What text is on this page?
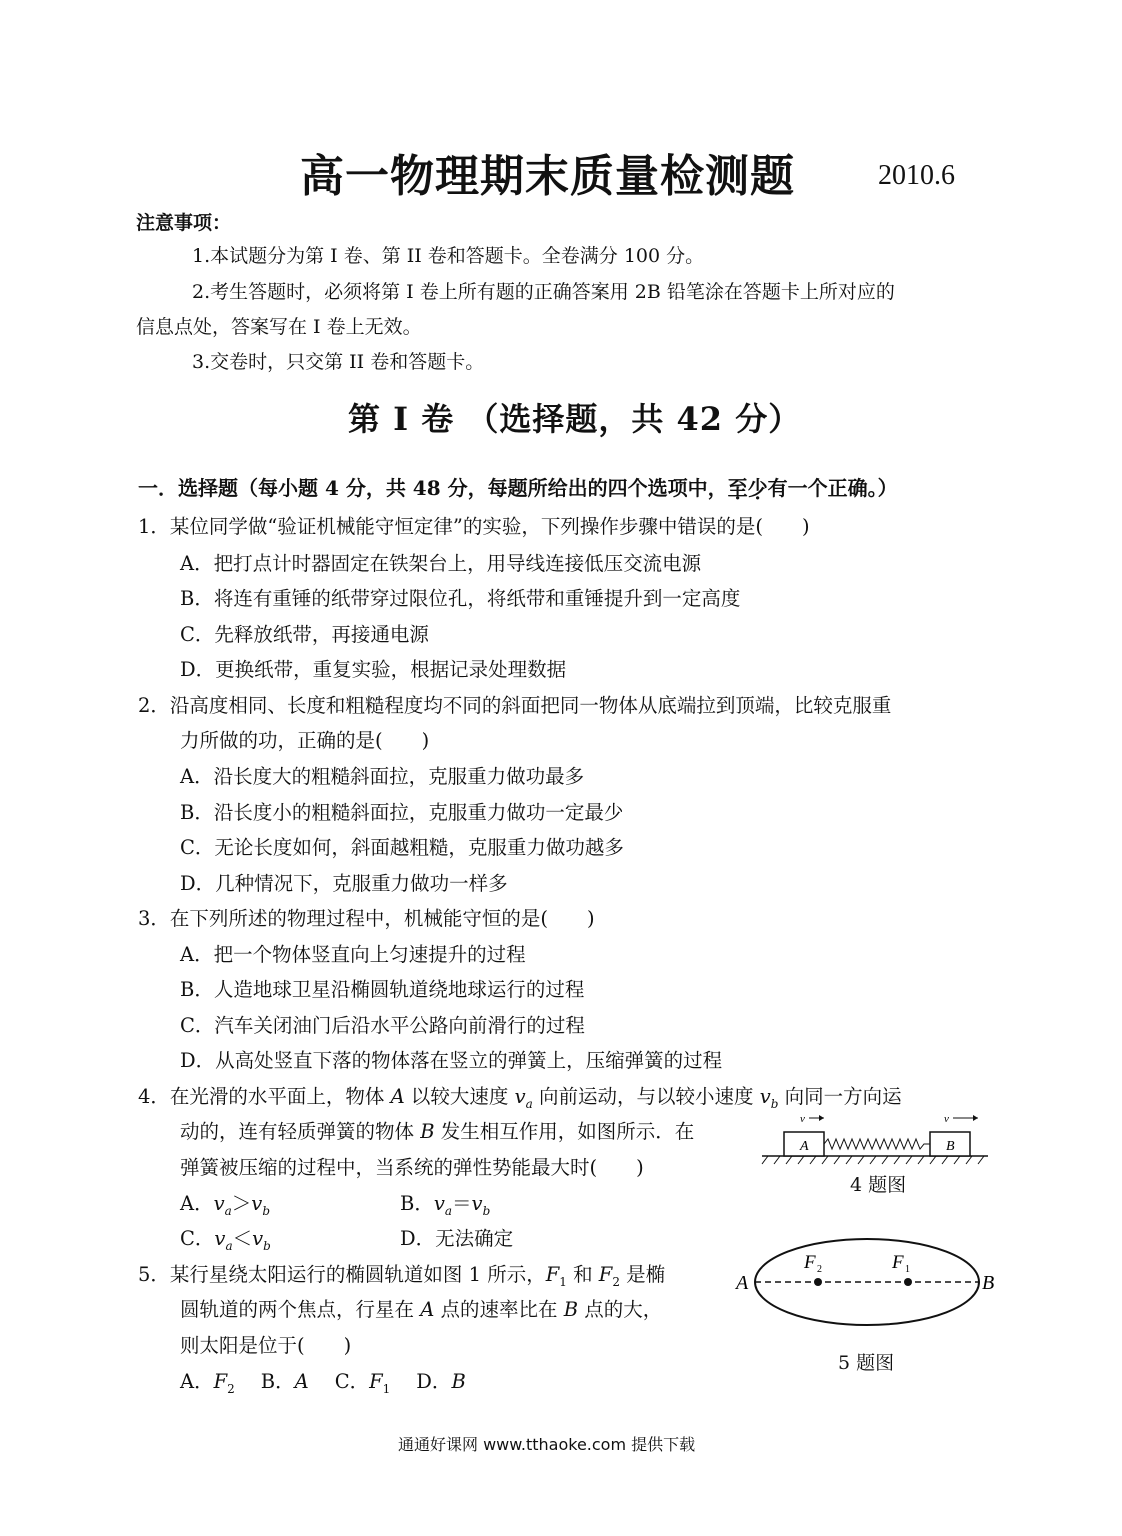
高一物理期末质量检测题	2010.6
注意事项：
1.本试题分为第 I 卷、第 II 卷和答题卡。全卷满分 100 分。
2.考生答题时，必须将第 I 卷上所有题的正确答案用 2B 铅笔涂在答题卡上所对应的
信息点处，答案写在 I 卷上无效。
3.交卷时，只交第 II 卷和答题卡。
第 I 卷 （选择题，共 42 分）
一．选择题（每小题 4 分，共 48 分，每题所给出的四个选项中，至少有一个正确。）
1．某位同学做“验证机械能守恒定律”的实验，下列操作步骤中错误的是(　　)
A．把打点计时器固定在铁架台上，用导线连接低压交流电源
B．将连有重锤的纸带穿过限位孔，将纸带和重锤提升到一定高度
C．先释放纸带，再接通电源
D．更换纸带，重复实验，根据记录处理数据
2．沿高度相同、长度和粗糙程度均不同的斜面把同一物体从底端拉到顶端，比较克服重
力所做的功，正确的是(　　)
A．沿长度大的粗糙斜面拉，克服重力做功最多
B．沿长度小的粗糙斜面拉，克服重力做功一定最少
C．无论长度如何，斜面越粗糙，克服重力做功越多
D．几种情况下，克服重力做功一样多
3．在下列所述的物理过程中，机械能守恒的是(　　)
A．把一个物体竖直向上匀速提升的过程
B．人造地球卫星沿椭圆轨道绕地球运行的过程
C．汽车关闭油门后沿水平公路向前滑行的过程
D．从高处竖直下落的物体落在竖立的弹簧上，压缩弹簧的过程
4．在光滑的水平面上，物体 A 以较大速度 $v_a$ 向前运动，与以较小速度 $v_b$ 向同一方向运
动的，连有轻质弹簧的物体 B 发生相互作用，如图所示．在
弹簧被压缩的过程中，当系统的弹性势能最大时(　　)
A．$v_a>v_b$	B．$v_a=v_b$
C．$v_a<v_b$	D．无法确定
A	B
v	v
4 题图
5．某行星绕太阳运行的椭圆轨道如图 1 所示，$F_1$ 和 $F_2$ 是椭
圆轨道的两个焦点，行星在 A 点的速率比在 B 点的大，
则太阳是位于(　　)
A．$F_2$ B．A C．$F_1$ D．B
A	B
F 2	F 1
5 题图
通通好课网 www.tthaoke.com 提供下载
